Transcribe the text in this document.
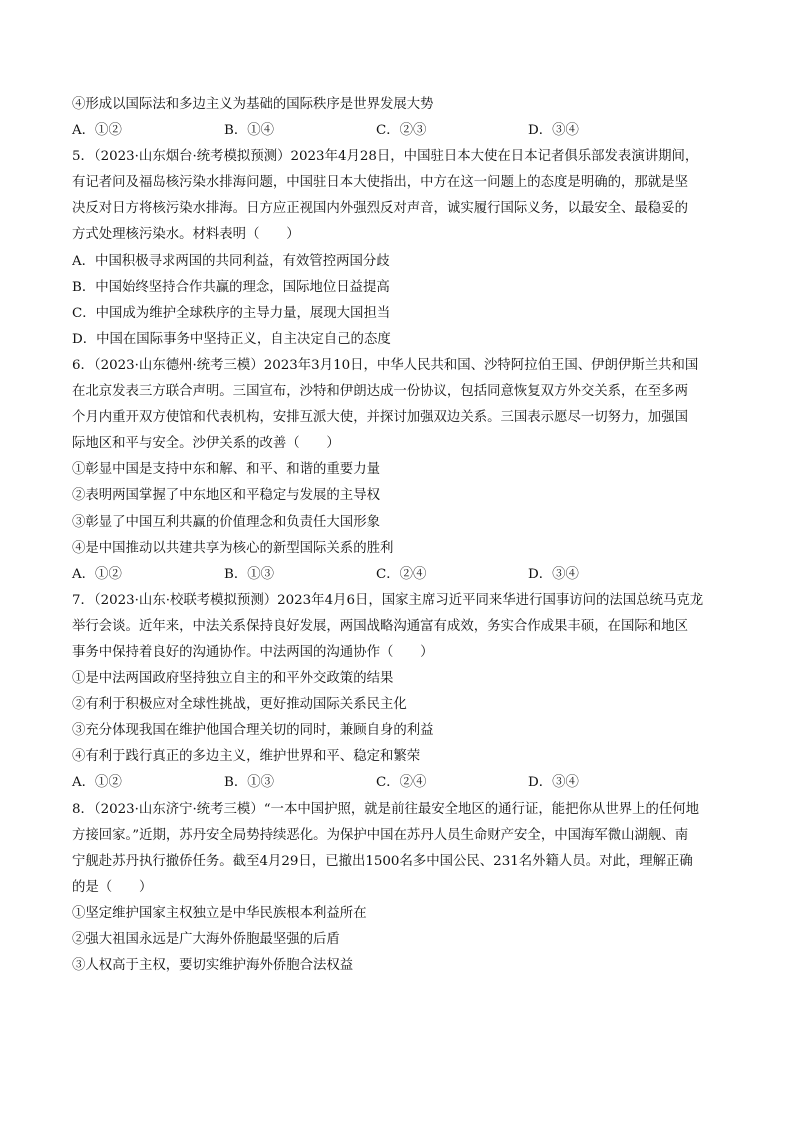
④形成以国际法和多边主义为基础的国际秩序是世界发展大势
A．①②	B．①④	C．②③	D．③④
5．（2023·山东烟台·统考模拟预测）2023年4月28日，中国驻日本大使在日本记者俱乐部发表演讲期间，
有记者问及福岛核污染水排海问题，中国驻日本大使指出，中方在这一问题上的态度是明确的，那就是坚
决反对日方将核污染水排海。日方应正视国内外强烈反对声音，诚实履行国际义务，以最安全、最稳妥的
方式处理核污染水。材料表明（　　）
A．中国积极寻求两国的共同利益，有效管控两国分歧
B．中国始终坚持合作共赢的理念，国际地位日益提高
C．中国成为维护全球秩序的主导力量，展现大国担当
D．中国在国际事务中坚持正义，自主决定自己的态度
6．（2023·山东德州·统考三模）2023年3月10日，中华人民共和国、沙特阿拉伯王国、伊朗伊斯兰共和国
在北京发表三方联合声明。三国宣布，沙特和伊朗达成一份协议，包括同意恢复双方外交关系，在至多两
个月内重开双方使馆和代表机构，安排互派大使，并探讨加强双边关系。三国表示愿尽一切努力，加强国
际地区和平与安全。沙伊关系的改善（　　）
①彰显中国是支持中东和解、和平、和谐的重要力量
②表明两国掌握了中东地区和平稳定与发展的主导权
③彰显了中国互利共赢的价值理念和负责任大国形象
④是中国推动以共建共享为核心的新型国际关系的胜利
A．①②	B．①③	C．②④	D．③④
7．（2023·山东·校联考模拟预测）2023年4月6日，国家主席习近平同来华进行国事访问的法国总统马克龙
举行会谈。近年来，中法关系保持良好发展，两国战略沟通富有成效，务实合作成果丰硕，在国际和地区
事务中保持着良好的沟通协作。中法两国的沟通协作（　　）
①是中法两国政府坚持独立自主的和平外交政策的结果
②有利于积极应对全球性挑战，更好推动国际关系民主化
③充分体现我国在维护他国合理关切的同时，兼顾自身的利益
④有利于践行真正的多边主义，维护世界和平、稳定和繁荣
A．①②	B．①③	C．②④	D．③④
8．（2023·山东济宁·统考三模）“一本中国护照，就是前往最安全地区的通行证，能把你从世界上的任何地
方接回家。”近期，苏丹安全局势持续恶化。为保护中国在苏丹人员生命财产安全，中国海军微山湖舰、南
宁舰赴苏丹执行撤侨任务。截至4月29日，已撤出1500名多中国公民、231名外籍人员。对此，理解正确
的是（　　）
①坚定维护国家主权独立是中华民族根本利益所在
②强大祖国永远是广大海外侨胞最坚强的后盾
③人权高于主权，要切实维护海外侨胞合法权益
